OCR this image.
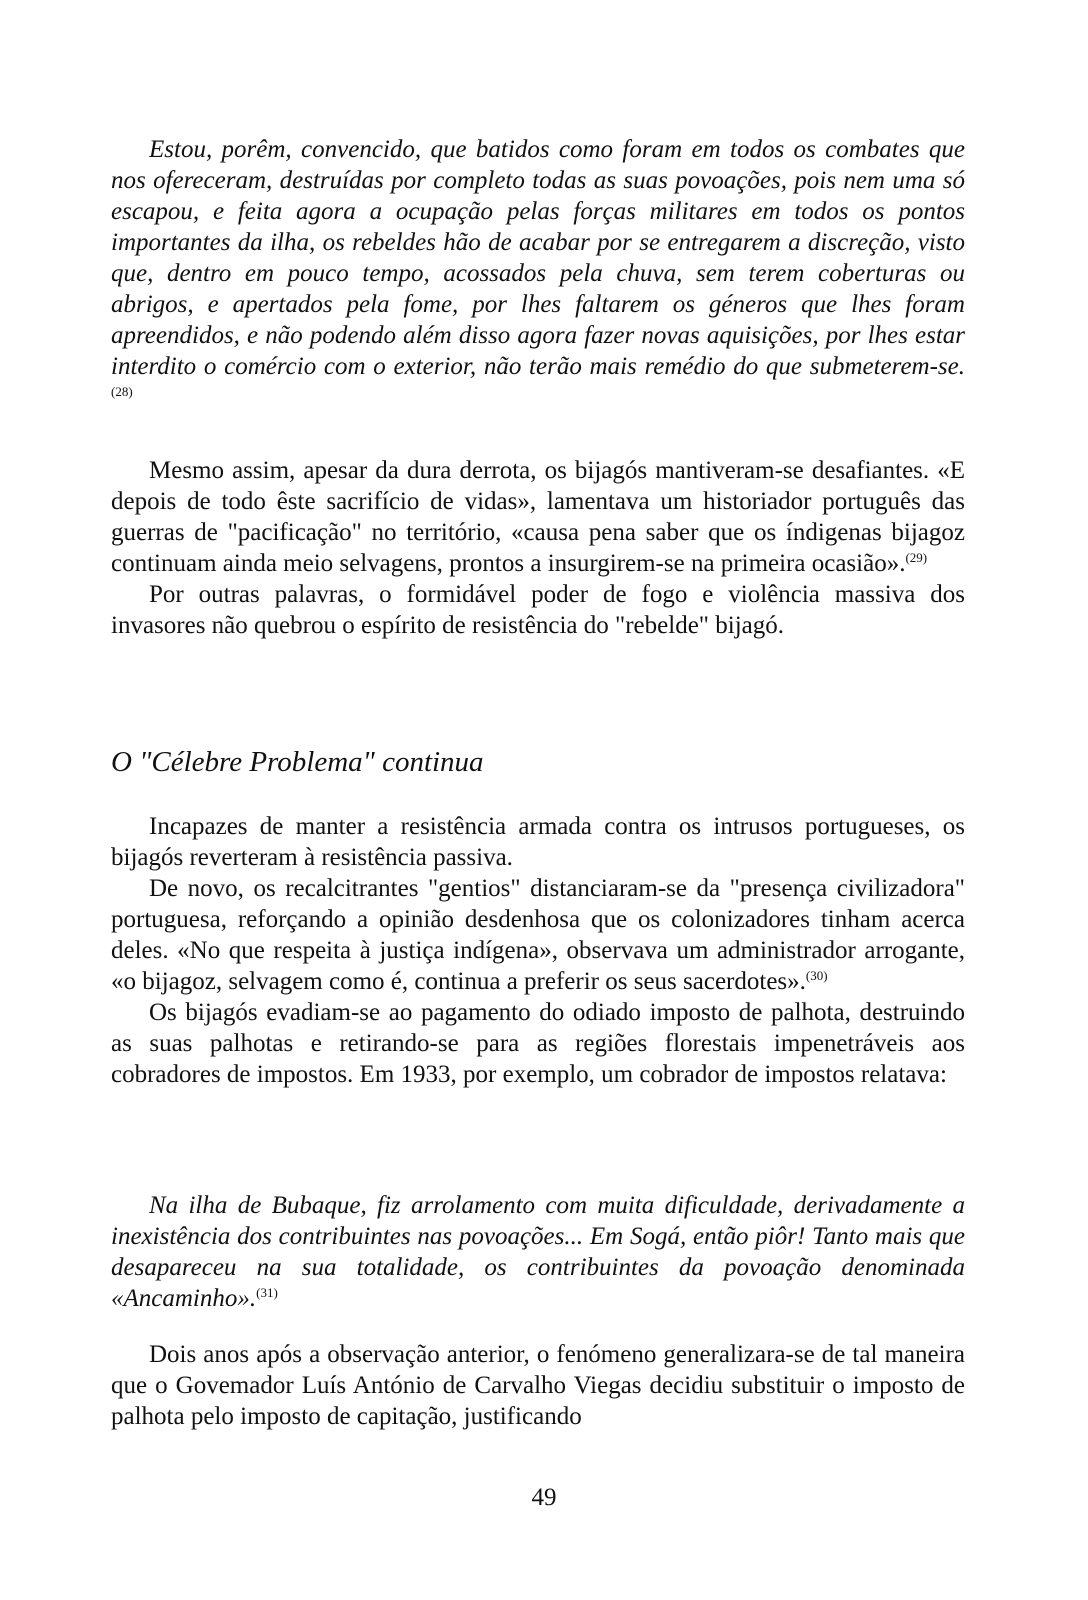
Estou, porêm, convencido, que batidos como foram em todos os combates que nos ofereceram, destruídas por completo todas as suas povoações, pois nem uma só escapou, e feita agora a ocupação pelas forças militares em todos os pontos importantes da ilha, os rebeldes hão de acabar por se entregarem a discreção, visto que, dentro em pouco tempo, acossados pela chuva, sem terem coberturas ou abrigos, e apertados pela fome, por lhes faltarem os géneros que lhes foram apreendidos, e não podendo além disso agora fazer novas aquisições, por lhes estar interdito o comércio com o exterior, não terão mais remédio do que submeterem-se.$^{(28)}$

Mesmo assim, apesar da dura derrota, os bijagós mantiveram-se desafiantes. «E depois de todo êste sacrifício de vidas», lamentava um historiador português das guerras de "pacificação" no território, «causa pena saber que os índigenas bijagoz continuam ainda meio selvagens, prontos a insurgirem-se na primeira ocasião».$^{(29)}$

Por outras palavras, o formidável poder de fogo e violência massiva dos invasores não quebrou o espírito de resistência do "rebelde" bijagó.

O "Célebre Problema" continua

Incapazes de manter a resistência armada contra os intrusos portugueses, os bijagós reverteram à resistência passiva.

De novo, os recalcitrantes "gentios" distanciaram-se da "presença civilizadora" portuguesa, reforçando a opinião desdenhosa que os colonizadores tinham acerca deles. «No que respeita à justiça indígena», observava um administrador arrogante, «o bijagoz, selvagem como é, continua a preferir os seus sacerdotes».$^{(30)}$

Os bijagós evadiam-se ao pagamento do odiado imposto de palhota, destruindo as suas palhotas e retirando-se para as regiões florestais impenetráveis aos cobradores de impostos. Em 1933, por exemplo, um cobrador de impostos relatava:

Na ilha de Bubaque, fiz arrolamento com muita dificuldade, derivadamente a inexistência dos contribuintes nas povoações... Em Sogá, então piôr! Tanto mais que desapareceu na sua totalidade, os contribuintes da povoação denominada «Ancaminho».$^{(31)}$

Dois anos após a observação anterior, o fenómeno generalizara-se de tal maneira que o Govemador Luís António de Carvalho Viegas decidiu substituir o imposto de palhota pelo imposto de capitação, justificando

49
